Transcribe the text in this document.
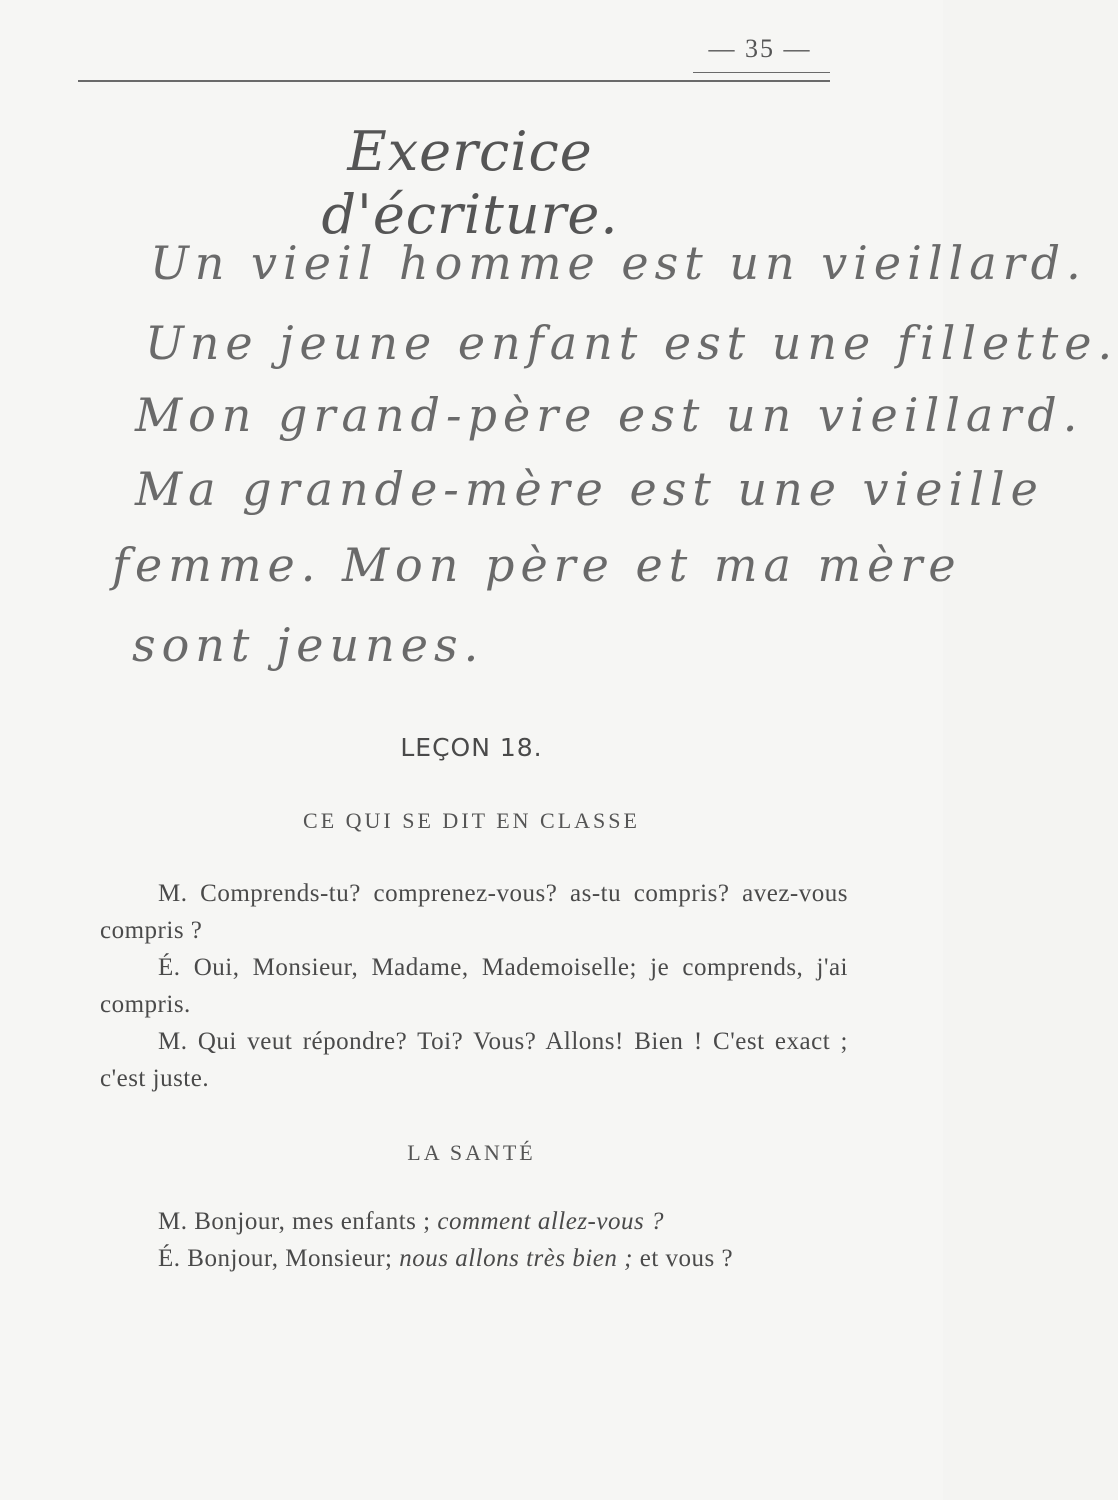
— 35 —
Exercice d'écriture.
Un vieil homme est un vieillard.
Une jeune enfant est une fillette.
Mon grand-père est un vieillard.
Ma grande-mère est une vieille
femme. Mon père et ma mère
sont jeunes.
LEÇON 18.
CE QUI SE DIT EN CLASSE
M. Comprends-tu? comprenez-vous? as-tu compris? avez-vous compris ?
É. Oui, Monsieur, Madame, Mademoiselle; je comprends, j'ai compris.
M. Qui veut répondre? Toi? Vous? Allons! Bien ! C'est exact ; c'est juste.
LA SANTÉ
M. Bonjour, mes enfants ; comment allez-vous ?
É. Bonjour, Monsieur; nous allons très bien ; et vous ?
